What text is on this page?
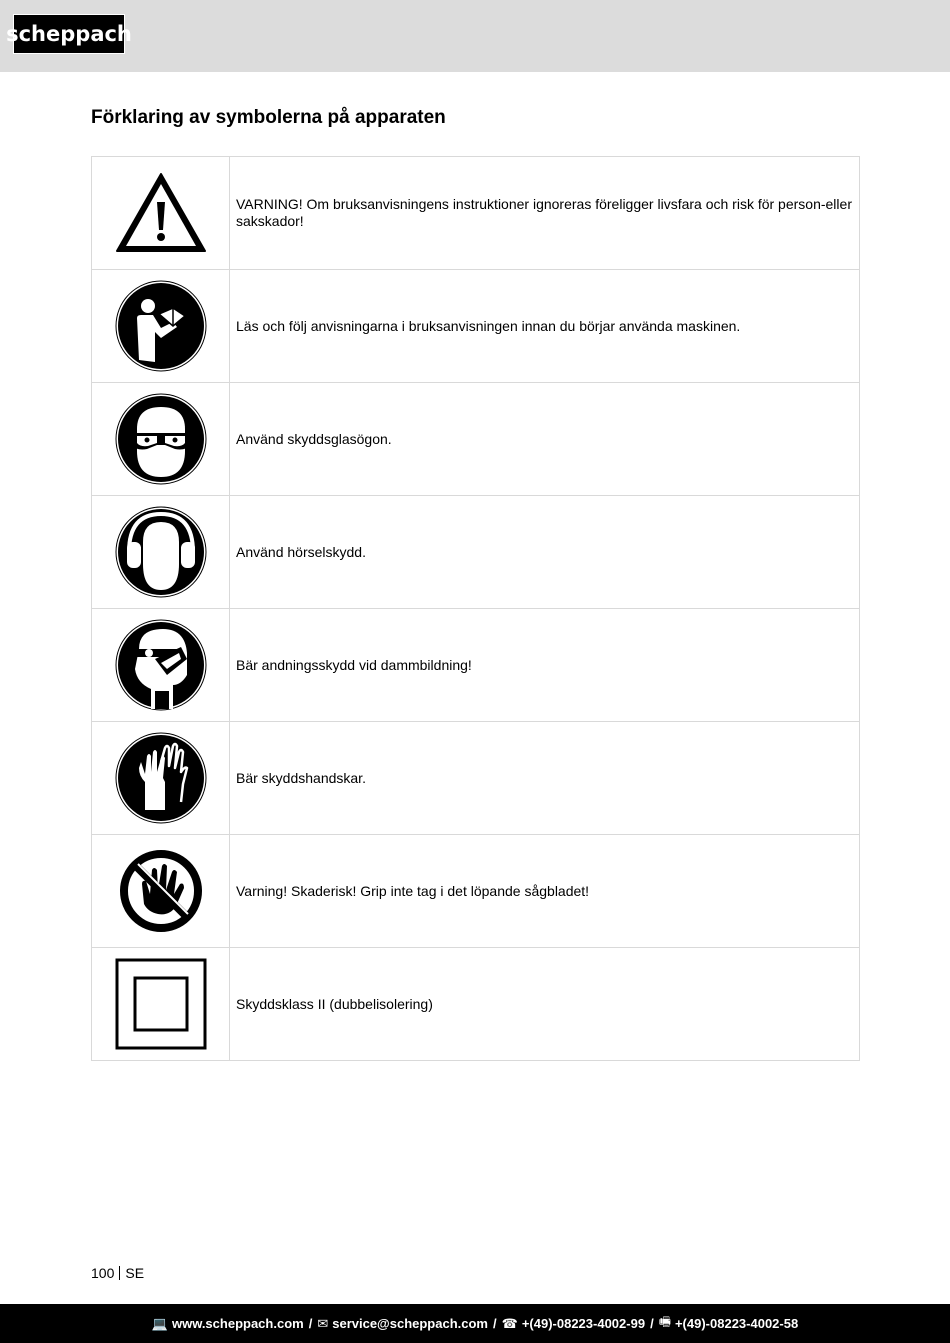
scheppach
Förklaring av symbolerna på apparaten
	VARNING! Om bruksanvisningens instruktioner ignoreras föreligger livsfara och risk för person-eller sakskador!

	Läs och följ anvisningarna i bruksanvisningen innan du börjar använda maskinen.

	Använd skyddsglasögon.

	Använd hörselskydd.

	Bär andningsskydd vid dammbildning!

	Bär skyddshandskar.

	Varning! Skaderisk! Grip inte tag i det löpande sågbladet!

	Skyddsklass II (dubbelisolering)
100 SE
💻 www.scheppach.com / ✉ service@scheppach.com / ☎ +(49)-08223-4002-99 / 🖷 +(49)-08223-4002-58
